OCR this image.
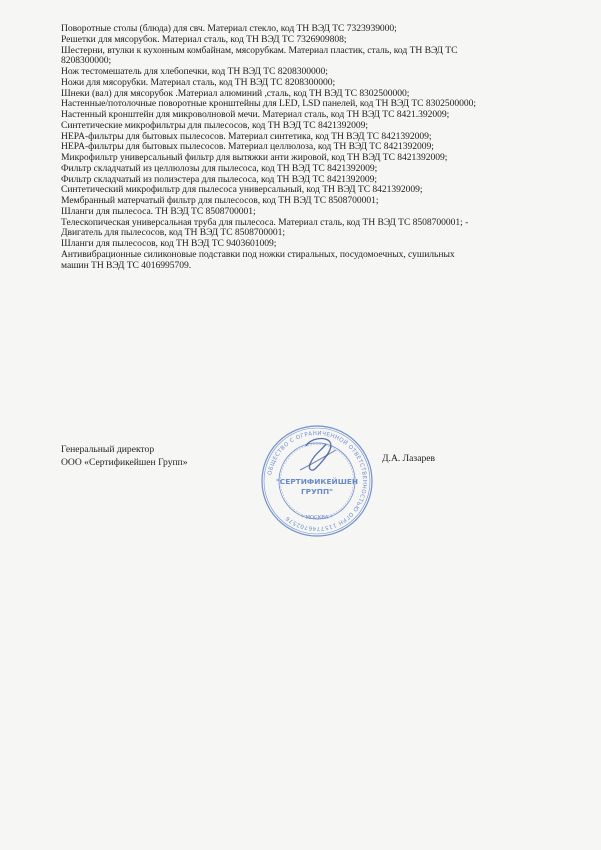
Поворотные столы (блюда) для свч. Материал стекло, код ТН ВЭД ТС 7323939000;
Решетки для мясорубок. Материал сталь, код ТН ВЭД ТС 7326909808;
Шестерни, втулки к кухонным комбайнам, мясорубкам. Материал пластик, сталь, код ТН ВЭД ТС
8208300000;
Нож тестомешатель для хлебопечки, код ТН ВЭД ТС 8208300000;
Ножи для мясорубки. Материал сталь, код ТН ВЭД ТС 8208300000;
Шнеки (вал) для мясорубок .Материал алюминий ,сталь, код ТН ВЭД ТС 8302500000;
Настенные/потолочные поворотные кронштейны для LED, LSD панелей, код ТН ВЭД ТС 8302500000;
Настенный кронштейн для микроволновой мечи. Материал сталь, код ТН ВЭД ТС 8421.392009;
Синтетические микрофильтры для пылесосов, код ТН ВЭД ТС 8421392009;
HEPA-фильтры для бытовых пылесосов. Материал синтетика, код ТН ВЭД ТС 8421392009;
HEPA-фильтры для бытовых пылесосов. Материал целлюлоза, код ТН ВЭД ТС 8421392009;
Микрофильтр универсальный фильтр для вытяжки анти жировой, код ТН ВЭД ТС 8421392009;
Фильтр складчатый из целлюлозы для пылесоса, код ТН ВЭД ТС 8421392009;
Фильтр складчатый из полиэстера для пылесоса, код ТН ВЭД ТС 8421392009;
Синтетический микрофильтр для пылесоса универсальный, код ТН ВЭД ТС 8421392009;
Мембранный матерчатый фильтр для пылесосов, код ТН ВЭД ТС 8508700001;
Шланги для пылесоса. ТН ВЭД ТС 8508700001;
Телескопическая универсальная труба для пылесоса. Материал сталь, код ТН ВЭД ТС 8508700001; -
Двигатель для пылесосов, код ТН ВЭД ТС 8508700001;
Шланги для пылесосов, код ТН ВЭД ТС 9403601009;
Антивибрационные силиконовые подставки под ножки стиральных, посудомоечных, сушильных
машин ТН ВЭД ТС 4016995709.
Генеральный директор
ООО «Сертификейшен Групп»	Д.А. Лазарев
ОБЩЕСТВО С ОГРАНИЧЕННОЙ ОТВЕТСТВЕННОСТЬЮ ОГРН 1157746702576
"СЕРТИФИКЕЙШЕН
ГРУПП"
* МОСКВА *
